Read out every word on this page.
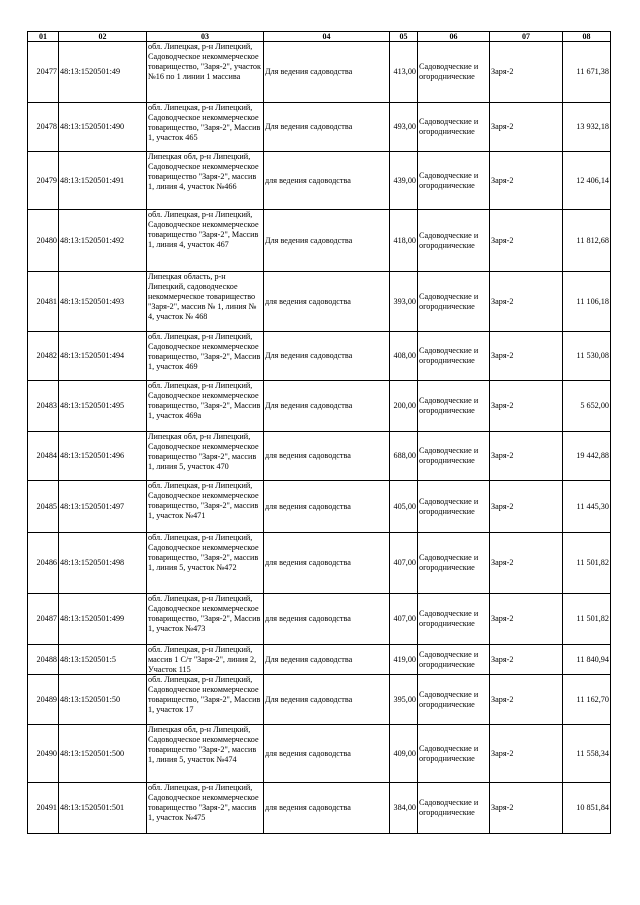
01	02	03	04	05	06	07	08

20477	48:13:1520501:49	обл. Липецкая, р-н Липецкий, Садоводческое некоммерческое товарищество, "Заря-2", участок №16 по 1 линии 1 массива	Для ведения садоводства	413,00	Садоводческие и огороднические	Заря-2	11 671,38

20478	48:13:1520501:490	обл. Липецкая, р-н Липецкий, Садоводческое некоммерческое товарищество, "Заря-2", Массив 1, участок 465	Для ведения садоводства	493,00	Садоводческие и огороднические	Заря-2	13 932,18

20479	48:13:1520501:491	Липецкая обл, р-н Липецкий, Садоводческое некоммерческое товарищество "Заря-2", массив 1, линия 4, участок №466	для ведения садоводства	439,00	Садоводческие и огороднические	Заря-2	12 406,14

20480	48:13:1520501:492	обл. Липецкая, р-н Липецкий, Садоводческое некоммерческое товарищество "Заря-2", Массив 1, линия 4, участок 467	Для ведения садоводства	418,00	Садоводческие и огороднические	Заря-2	11 812,68

20481	48:13:1520501:493	Липецкая область, р-н Липецкий, садоводческое некоммерческое товарищество "Заря-2", массив № 1, линия № 4, участок № 468	для ведения садоводства	393,00	Садоводческие и огороднические	Заря-2	11 106,18

20482	48:13:1520501:494	обл. Липецкая, р-н Липецкий, Садоводческое некоммерческое товарищество, "Заря-2", Массив 1, участок 469	Для ведения садоводства	408,00	Садоводческие и огороднические	Заря-2	11 530,08

20483	48:13:1520501:495	обл. Липецкая, р-н Липецкий, Садоводческое некоммерческое товарищество, "Заря-2", Массив 1, участок 469а	Для ведения садоводства	200,00	Садоводческие и огороднические	Заря-2	5 652,00

20484	48:13:1520501:496	Липецкая обл, р-н Липецкий, Садоводческое некоммерческое товарищество "Заря-2", массив 1, линия 5, участок 470	для ведения садоводства	688,00	Садоводческие и огороднические	Заря-2	19 442,88

20485	48:13:1520501:497	обл. Липецкая, р-н Липецкий, Садоводческое некоммерческое товарищество, "Заря-2", массив 1, участок №471	для ведения садоводства	405,00	Садоводческие и огороднические	Заря-2	11 445,30

20486	48:13:1520501:498	обл. Липецкая, р-н Липецкий, Садоводческое некоммерческое товарищество, "Заря-2", массив 1, линия 5, участок №472	для ведения садоводства	407,00	Садоводческие и огороднические	Заря-2	11 501,82

20487	48:13:1520501:499	обл. Липецкая, р-н Липецкий, Садоводческое некоммерческое товарищество, "Заря-2", Массив 1, участок №473	для ведения садоводства	407,00	Садоводческие и огороднические	Заря-2	11 501,82

20488	48:13:1520501:5	обл. Липецкая, р-н Липецкий, массив 1 С/т "Заря-2", линия 2, Участок 115	Для ведения садоводства	419,00	Садоводческие и огороднические	Заря-2	11 840,94

20489	48:13:1520501:50	обл. Липецкая, р-н Липецкий, Садоводческое некоммерческое товарищество, "Заря-2", Массив 1, участок 17	Для ведения садоводства	395,00	Садоводческие и огороднические	Заря-2	11 162,70

20490	48:13:1520501:500	Липецкая обл, р-н Липецкий, Садоводческое некоммерческое товарищество "Заря-2", массив 1, линия 5, участок №474	для ведения садоводства	409,00	Садоводческие и огороднические	Заря-2	11 558,34

20491	48:13:1520501:501	обл. Липецкая, р-н Липецкий, Садоводческое некоммерческое товарищество "Заря-2", массив 1, участок №475	для ведения садоводства	384,00	Садоводческие и огороднические	Заря-2	10 851,84
